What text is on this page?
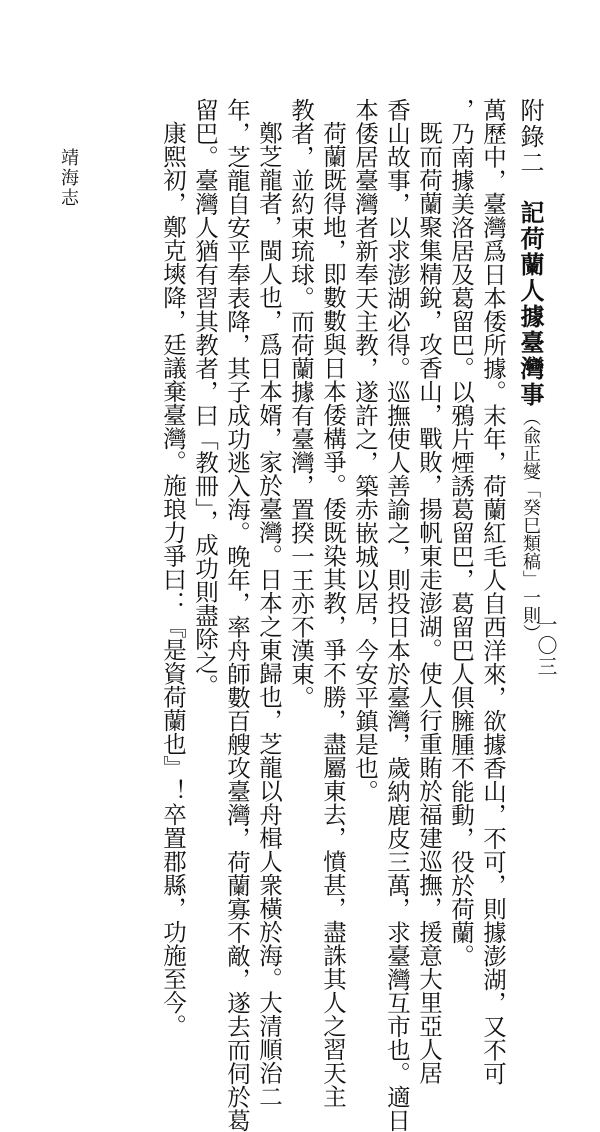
靖海志
一〇三
附錄二記荷蘭人據臺灣事（兪正燮「癸巳類稿」一則）
萬歷中，臺灣爲日本倭所據。末年，荷蘭紅毛人自西洋來，欲據香山，不可，則據澎湖，又不可
，乃南據美洛居及葛留巴。以鴉片煙誘葛留巴，葛留巴人俱臃腫不能動，役於荷蘭。
既而荷蘭聚集精銳，攻香山，戰敗，揚帆東走澎湖。使人行重賄於福建巡撫，援意大里亞人居
香山故事，以求澎湖必得。巡撫使人善諭之，則投日本於臺灣，歲納鹿皮三萬，求臺灣互市也。適日
本倭居臺灣者新奉天主教，遂許之，築赤嵌城以居，今安平鎮是也。
荷蘭既得地，即數數與日本倭構爭。倭既染其教，爭不勝，盡屬東去，憤甚，盡誅其人之習天主
教者，並約束琉球。而荷蘭據有臺灣，置揆一王亦不漢東。
鄭芝龍者，閩人也，爲日本婿，家於臺灣。日本之東歸也，芝龍以舟楫人衆橫於海。大清順治二
年，芝龍自安平奉表降，其子成功逃入海。晚年，率舟師數百艘攻臺灣，荷蘭寡不敵，遂去而伺於葛
留巴。臺灣人猶有習其教者，曰「教冊」，成功則盡除之。
康熙初，鄭克塽降，廷議棄臺灣。施琅力爭曰：『是資荷蘭也』！卒置郡縣，功施至今。
